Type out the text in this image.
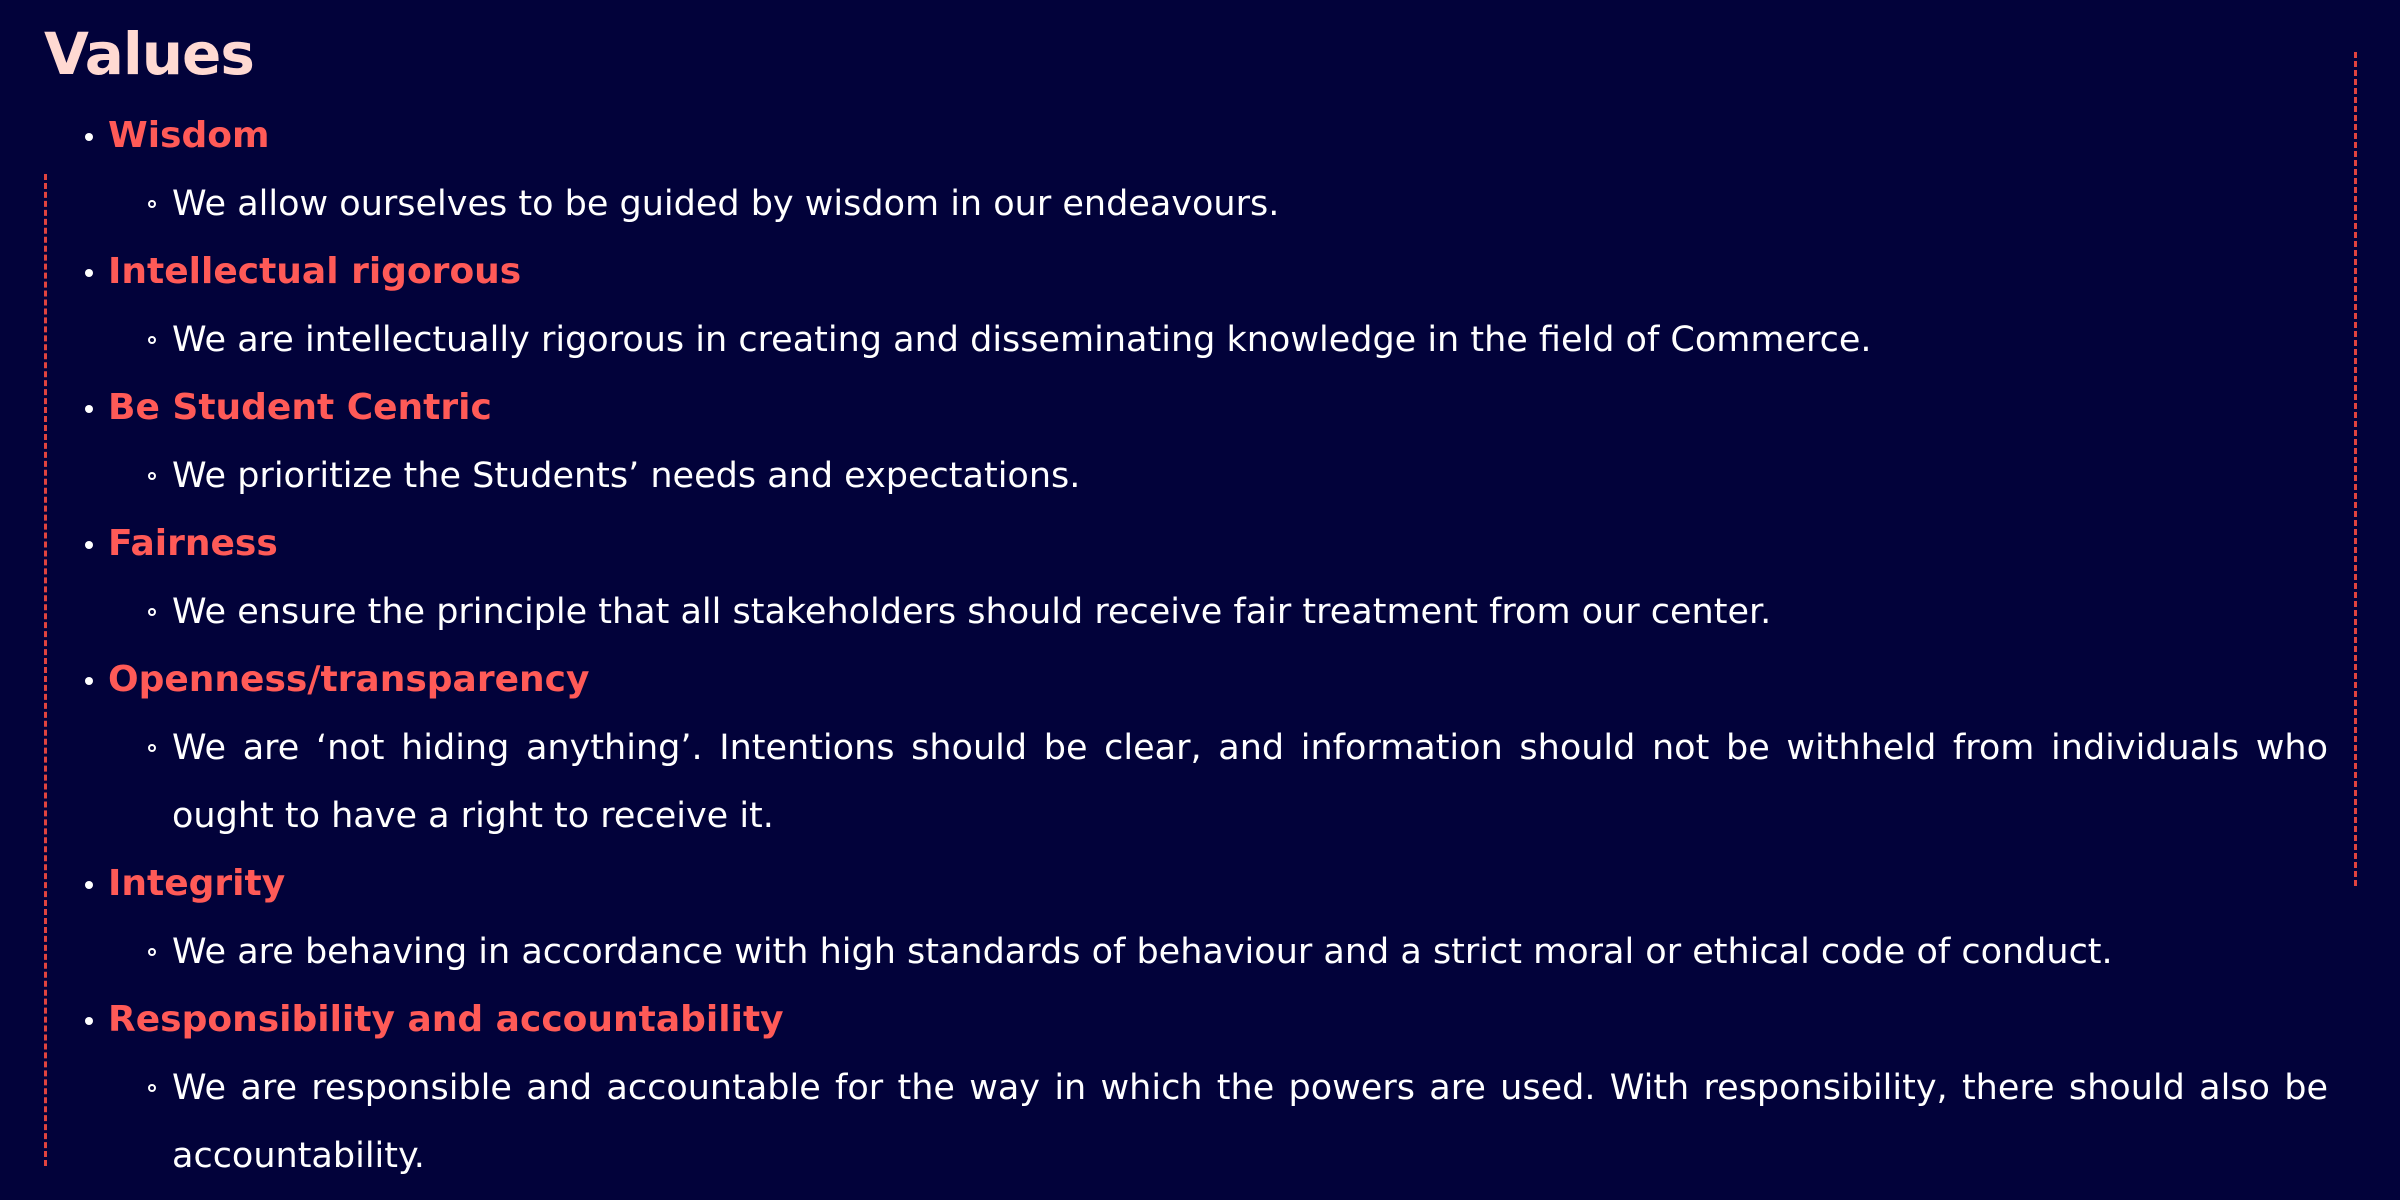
Values
Wisdom
We allow ourselves to be guided by wisdom in our endeavours.
Intellectual rigorous
We are intellectually rigorous in creating and disseminating knowledge in the field of Commerce.
Be Student Centric
We prioritize the Students’ needs and expectations.
Fairness
We ensure the principle that all stakeholders should receive fair treatment from our center.
Openness/transparency
We are ‘not hiding anything’. Intentions should be clear, and information should not be withheld from individuals who ought to have a right to receive it.
Integrity
We are behaving in accordance with high standards of behaviour and a strict moral or ethical code of conduct.
Responsibility and accountability
We are responsible and accountable for the way in which the powers are used. With responsibility, there should also be accountability.
